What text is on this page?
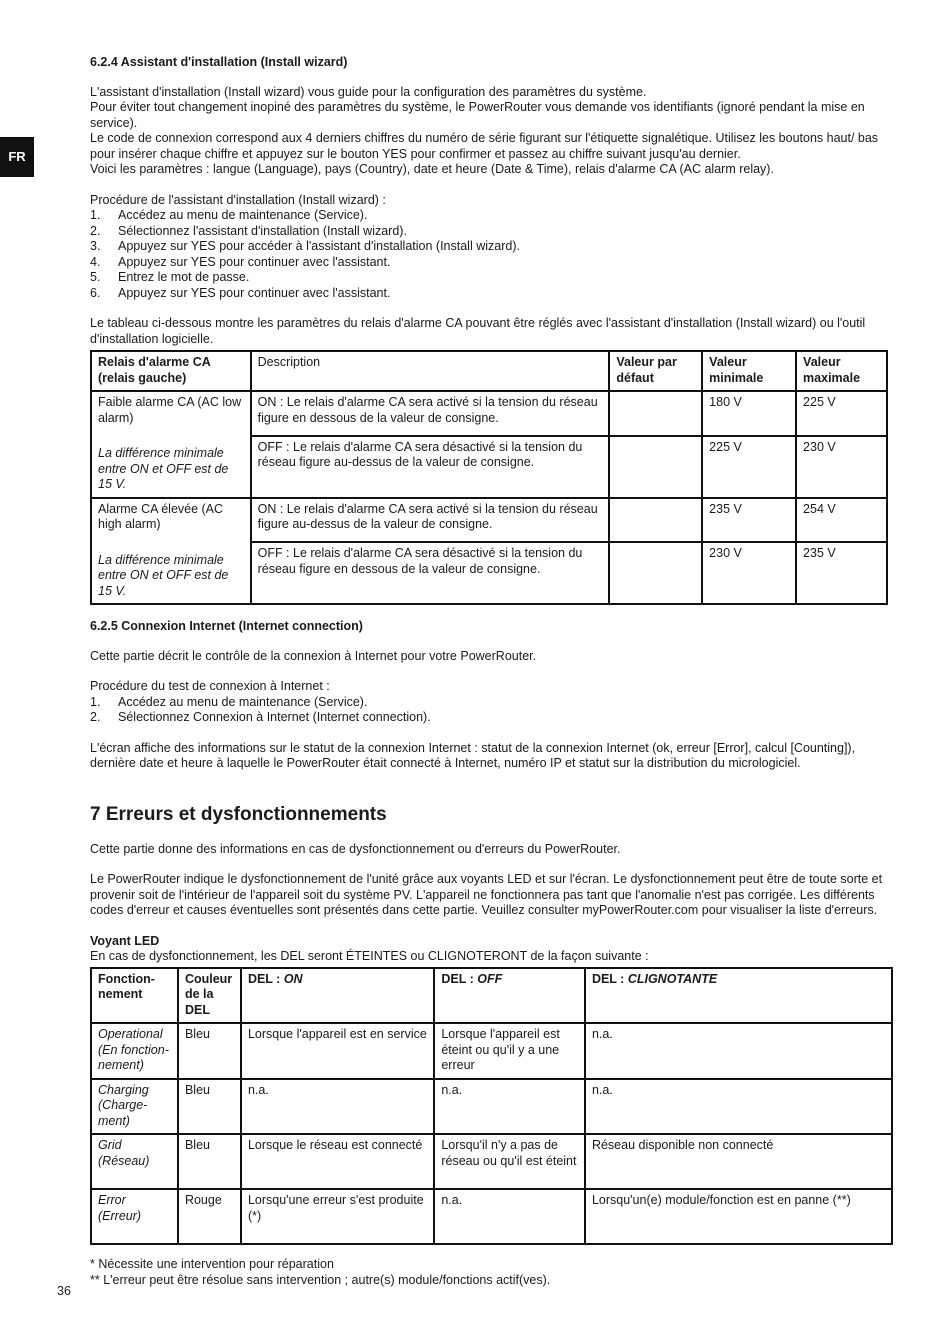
FR
6.2.4 Assistant d'installation (Install wizard)

L'assistant d'installation (Install wizard) vous guide pour la configuration des paramètres du système.

Pour éviter tout changement inopiné des paramètres du système, le PowerRouter vous demande vos identifiants (ignoré pendant la mise en service).

Le code de connexion correspond aux 4 derniers chiffres du numéro de série figurant sur l'étiquette signalétique. Utilisez les boutons haut/ bas pour insérer chaque chiffre et appuyez sur le bouton YES pour confirmer et passez au chiffre suivant jusqu'au dernier.

Voici les paramètres : langue (Language), pays (Country), date et heure (Date & Time), relais d'alarme CA (AC alarm relay).

Procédure de l'assistant d'installation (Install wizard) :

1.	Accédez au menu de maintenance (Service).
2.	Sélectionnez l'assistant d'installation (Install wizard).
3.	Appuyez sur YES pour accéder à l'assistant d'installation (Install wizard).
4.	Appuyez sur YES pour continuer avec l'assistant.
5.	Entrez le mot de passe.
6.	Appuyez sur YES pour continuer avec l'assistant.

Le tableau ci-dessous montre les paramètres du relais d'alarme CA pouvant être réglés avec l'assistant d'installation (Install wizard) ou l'outil d'installation logicielle.

Relais d'alarme CA (relais gauche)	Description	Valeur par défaut	Valeur minimale	Valeur maximale

Faible alarme CA (AC low alarm)
La différence minimale entre ON et OFF est de 15 V.	ON : Le relais d'alarme CA sera activé si la tension du réseau figure en dessous de la valeur de consigne.		180 V	225 V
	OFF : Le relais d'alarme CA sera désactivé si la tension du réseau figure au-dessus de la valeur de consigne.		225 V	230 V

Alarme CA élevée (AC high alarm)
La différence minimale entre ON et OFF est de 15 V.	ON : Le relais d'alarme CA sera activé si la tension du réseau figure au-dessus de la valeur de consigne.		235 V	254 V
	OFF : Le relais d'alarme CA sera désactivé si la tension du réseau figure en dessous de la valeur de consigne.		230 V	235 V
6.2.5 Connexion Internet (Internet connection)

Cette partie décrit le contrôle de la connexion à Internet pour votre PowerRouter.

Procédure du test de connexion à Internet :

1.	Accédez au menu de maintenance (Service).
2.	Sélectionnez Connexion à Internet (Internet connection).

L'écran affiche des informations sur le statut de la connexion Internet : statut de la connexion Internet (ok, erreur [Error], calcul [Counting]), dernière date et heure à laquelle le PowerRouter était connecté à Internet, numéro IP et statut sur la distribution du micrologiciel.

7 Erreurs et dysfonctionnements

Cette partie donne des informations en cas de dysfonctionnement ou d'erreurs du PowerRouter.

Le PowerRouter indique le dysfonctionnement de l'unité grâce aux voyants LED et sur l'écran. Le dysfonctionnement peut être de toute sorte et provenir soit de l'intérieur de l'appareil soit du système PV. L'appareil ne fonctionnera pas tant que l'anomalie n'est pas corrigée. Les différents codes d'erreur et causes éventuelles sont présentés dans cette partie. Veuillez consulter myPowerRouter.com pour visualiser la liste d'erreurs.

Voyant LED

En cas de dysfonctionnement, les DEL seront ÉTEINTES ou CLIGNOTERONT de la façon suivante :

Fonction-nement	Couleur de la DEL	DEL : ON	DEL : OFF	DEL : CLIGNOTANTE
Operational (En fonction-nement)	Bleu	Lorsque l'appareil est en service	Lorsque l'appareil est éteint ou qu'il y a une erreur	n.a.
Charging (Charge-ment)	Bleu	n.a.	n.a.	n.a.
Grid (Réseau)	Bleu	Lorsque le réseau est connecté	Lorsqu'il n'y a pas de réseau ou qu'il est éteint	Réseau disponible non connecté
Error (Erreur)	Rouge	Lorsqu'une erreur s'est produite (*)	n.a.	Lorsqu'un(e) module/fonction est en panne (**)

* Nécessite une intervention pour réparation

** L'erreur peut être résolue sans intervention ; autre(s) module/fonctions actif(ves).

36
